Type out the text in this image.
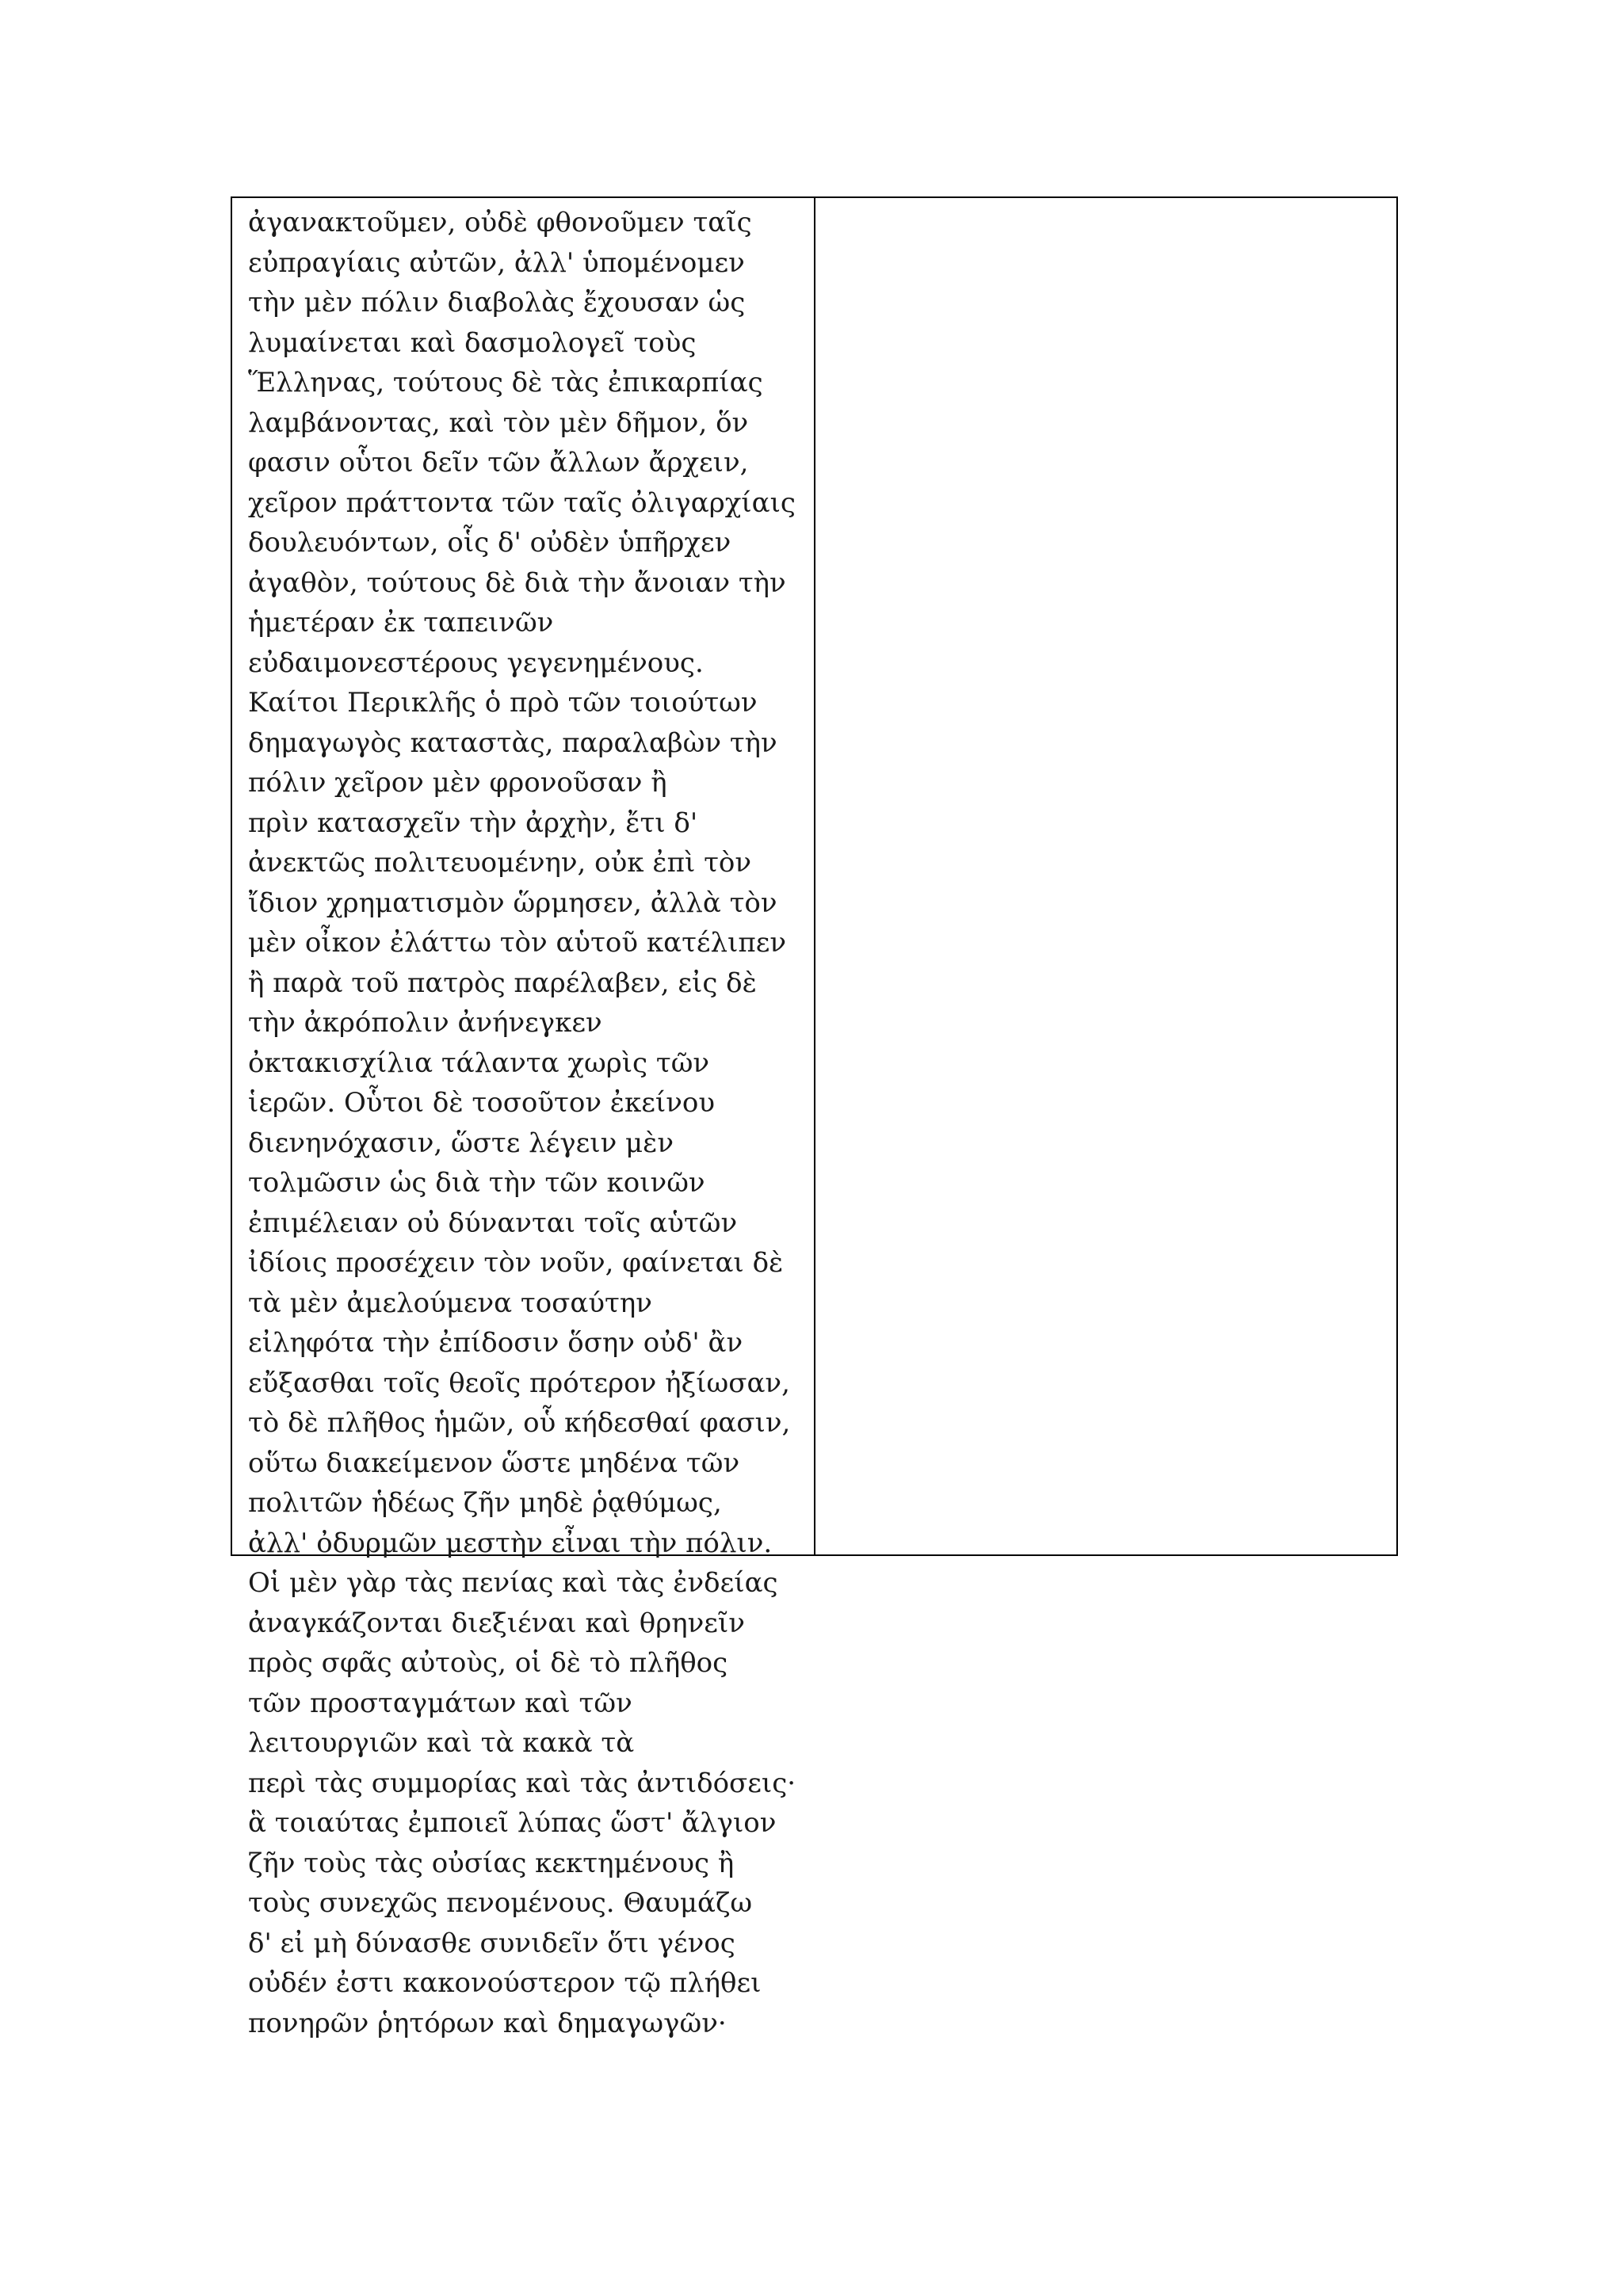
ἀγανακτοῦμεν, οὐδὲ φθονοῦμεν ταῖς
εὐπραγίαις αὐτῶν, ἀλλ' ὑπομένομεν
τὴν μὲν πόλιν διαβολὰς ἔχουσαν ὡς
λυμαίνεται καὶ δασμολογεῖ τοὺς
Ἕλληνας, τούτους δὲ τὰς ἐπικαρπίας
λαμβάνοντας, καὶ τὸν μὲν δῆμον, ὅν
φασιν οὗτοι δεῖν τῶν ἄλλων ἄρχειν,
χεῖρον πράττοντα τῶν ταῖς ὀλιγαρχίαις
δουλευόντων, οἷς δ' οὐδὲν ὑπῆρχεν
ἀγαθὸν, τούτους δὲ διὰ τὴν ἄνοιαν τὴν
ἡμετέραν ἐκ ταπεινῶν
εὐδαιμονεστέρους γεγενημένους.
Καίτοι Περικλῆς ὁ πρὸ τῶν τοιούτων
δημαγωγὸς καταστὰς, παραλαβὼν τὴν
πόλιν χεῖρον μὲν φρονοῦσαν ἢ
πρὶν κατασχεῖν τὴν ἀρχὴν, ἔτι δ'
ἀνεκτῶς πολιτευομένην, οὐκ ἐπὶ τὸν
ἴδιον χρηματισμὸν ὥρμησεν, ἀλλὰ τὸν
μὲν οἶκον ἐλάττω τὸν αὑτοῦ κατέλιπεν
ἢ παρὰ τοῦ πατρὸς παρέλαβεν, εἰς δὲ
τὴν ἀκρόπολιν ἀνήνεγκεν
ὀκτακισχίλια τάλαντα χωρὶς τῶν
ἱερῶν. Οὗτοι δὲ τοσοῦτον ἐκείνου
διενηνόχασιν, ὥστε λέγειν μὲν
τολμῶσιν ὡς διὰ τὴν τῶν κοινῶν
ἐπιμέλειαν οὐ δύνανται τοῖς αὑτῶν
ἰδίοις προσέχειν τὸν νοῦν, φαίνεται δὲ
τὰ μὲν ἀμελούμενα τοσαύτην
εἰληφότα τὴν ἐπίδοσιν ὅσην οὐδ' ἂν
εὔξασθαι τοῖς θεοῖς πρότερον ἠξίωσαν,
τὸ δὲ πλῆθος ἡμῶν, οὗ κήδεσθαί φασιν,
οὕτω διακείμενον ὥστε μηδένα τῶν
πολιτῶν ἡδέως ζῆν μηδὲ ῥᾳθύμως,
ἀλλ' ὀδυρμῶν μεστὴν εἶναι τὴν πόλιν.
Οἱ μὲν γὰρ τὰς πενίας καὶ τὰς ἐνδείας
ἀναγκάζονται διεξιέναι καὶ θρηνεῖν
πρὸς σφᾶς αὐτοὺς, οἱ δὲ τὸ πλῆθος
τῶν προσταγμάτων καὶ τῶν
λειτουργιῶν καὶ τὰ κακὰ τὰ
περὶ τὰς συμμορίας καὶ τὰς ἀντιδόσεις·
ἃ τοιαύτας ἐμποιεῖ λύπας ὥστ' ἄλγιον
ζῆν τοὺς τὰς οὐσίας κεκτημένους ἢ
τοὺς συνεχῶς πενομένους. Θαυμάζω
δ' εἰ μὴ δύνασθε συνιδεῖν ὅτι γένος
οὐδέν ἐστι κακονούστερον τῷ πλήθει
πονηρῶν ῥητόρων καὶ δημαγωγῶν·
